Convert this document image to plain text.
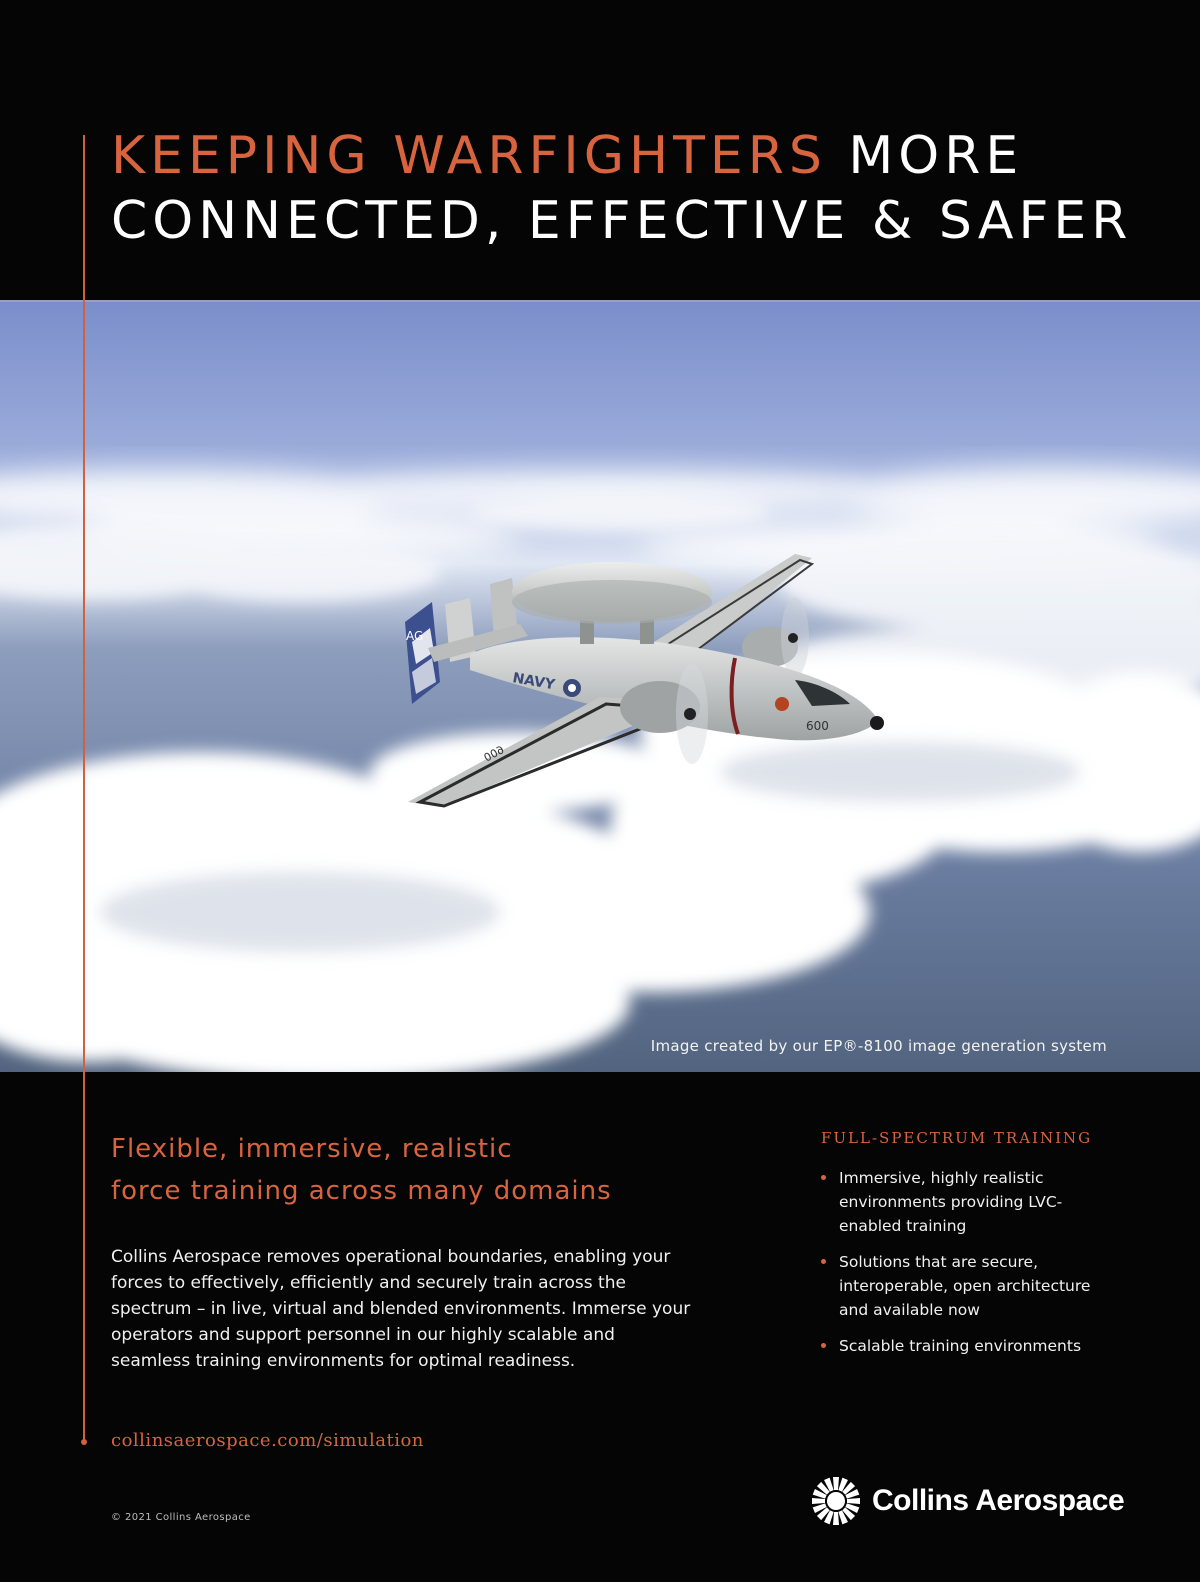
KEEPING WARFIGHTERS MORE
CONNECTED, EFFECTIVE & SAFER
AG
600
NAVY
600
Image created by our EP®-8100 image generation system
Flexible, immersive, realistic
force training across many domains

Collins Aerospace removes operational boundaries, enabling your forces to effectively, efficiently and securely train across the spectrum – in live, virtual and blended environments. Immerse your operators and support personnel in our highly scalable and seamless training environments for optimal readiness.

collinsaerospace.com/simulation
© 2021 Collins Aerospace
FULL-SPECTRUM TRAINING
Immersive, highly realistic environments providing LVC-enabled training
Solutions that are secure, interoperable, open architecture and available now
Scalable training environments
Collins Aerospace
